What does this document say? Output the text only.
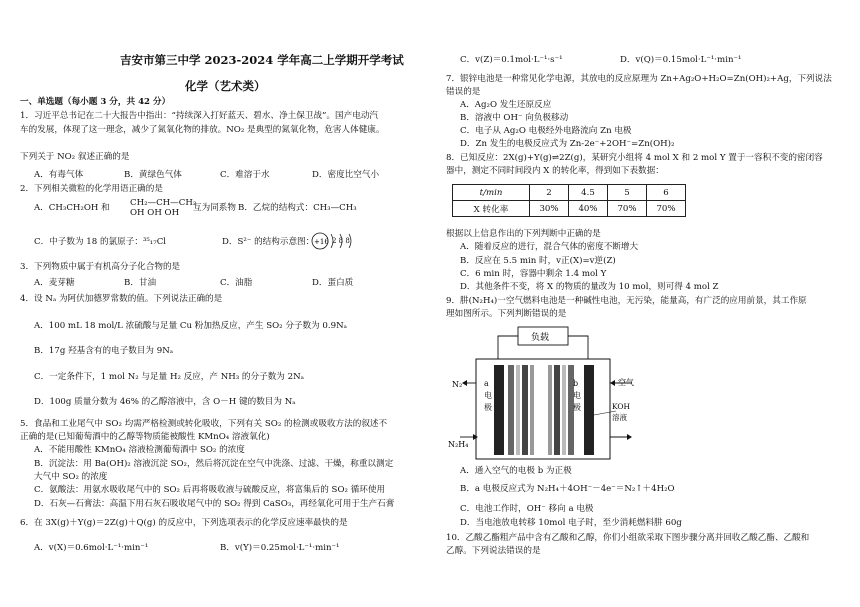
吉安市第三中学 2023-2024 学年高二上学期开学考试
化学（艺术类）
一、单选题（每小题 3 分，共 42 分）
1．习近平总书记在二十大报告中指出：“持续深入打好蓝天、碧水、净土保卫战”。国产电动汽
车的发展，体现了这一理念，减少了氮氧化物的排放。NO₂ 是典型的氮氧化物，危害人体健康。
下列关于 NO₂ 叙述正确的是
A．有毒气体	B．黄绿色气体	C．难溶于水	D．密度比空气小
2．下列相关微粒的化学用语正确的是
A．CH₃CH₂OH 和 CH₂—CH—CH₂
OH OH OH	互为同系物 B．乙烷的结构式：CH₃—CH₃
C．中子数为 18 的氯原子：³⁵₁₇Cl	D．S²⁻ 的结构示意图： +16 2 8 8
3．下列物质中属于有机高分子化合物的是
A．麦芽糖	B．甘油	C．油脂	D．蛋白质
4．设 Nₐ 为阿伏加德罗常数的值。下列说法正确的是
A．100 mL 18 mol/L 浓硫酸与足量 Cu 粉加热反应，产生 SO₂ 分子数为 0.9Nₐ
B．17g 羟基含有的电子数目为 9Nₐ
C．一定条件下，1 mol N₂ 与足量 H₂ 反应，产 NH₃ 的分子数为 2Nₐ
D．100g 质量分数为 46% 的乙醇溶液中，含 O－H 键的数目为 Nₐ
5．食品和工业尾气中 SO₂ 均需严格检测或转化吸收，下列有关 SO₂ 的检测或吸收方法的叙述不
正确的是(已知葡萄酒中的乙醇等物质能被酸性 KMnO₄ 溶液氧化)
A．不能用酸性 KMnO₄ 溶液检测葡萄酒中 SO₂ 的浓度
B．沉淀法：用 Ba(OH)₂ 溶液沉淀 SO₂，然后将沉淀在空气中洗涤、过滤、干燥，称重以测定
大气中 SO₂ 的浓度
C．氨酸法：用氨水吸收尾气中的 SO₂ 后再将吸收液与硫酸反应，将富集后的 SO₂ 循环使用
D．石灰—石膏法：高温下用石灰石吸收尾气中的 SO₂ 得到 CaSO₃，再经氧化可用于生产石膏
6．在 3X(g)＋Y(g)＝2Z(g)＋Q(g) 的反应中，下列选项表示的化学反应速率最快的是
A．v(X)＝0.6mol·L⁻¹·min⁻¹	B．v(Y)＝0.25mol·L⁻¹·min⁻¹
C．v(Z)＝0.1mol·L⁻¹·s⁻¹	D．v(Q)＝0.15mol·L⁻¹·min⁻¹
7．银锌电池是一种常见化学电源，其放电的反应原理为 Zn+Ag₂O+H₂O=Zn(OH)₂+Ag，下列说法
错误的是
A．Ag₂O 发生还原反应
B．溶液中 OH⁻ 向负极移动
C．电子从 Ag₂O 电极经外电路流向 Zn 电极
D．Zn 发生的电极反应式为 Zn-2e⁻+2OH⁻=Zn(OH)₂
8．已知反应：2X(g)+Y(g)⇌2Z(g)，某研究小组将 4 mol X 和 2 mol Y 置于一容积不变的密闭容
器中，测定不同时间段内 X 的转化率，得到如下表数据：
t/min	2	4.5	5	6
X 转化率	30%	40%	70%	70%
根据以上信息作出的下列判断中正确的是
A．随着反应的进行，混合气体的密度不断增大
B．反应在 5.5 min 时，v正(X)=v逆(Z)
C．6 min 时，容器中剩余 1.4 mol Y
D．其他条件不变，将 X 的物质的量改为 10 mol，则可得 4 mol Z
9．肼(N₂H₄)一空气燃料电池是一种碱性电池，无污染，能量高，有广泛的应用前景，其工作原
理如图所示。下列判断错误的是
负载
N₂
N₂H₄
空气
KOH
溶液
a 电 极
b 电 极
A．通入空气的电极 b 为正极
B．a 电极反应式为 N₂H₄＋4OH⁻－4e⁻＝N₂↑＋4H₂O
C．电池工作时，OH⁻ 移向 a 电极
D．当电池放电转移 10mol 电子时，至少消耗燃料肼 60g
10．乙酸乙酯粗产品中含有乙酸和乙醇，你们小组欲采取下图步骤分离并回收乙酸乙酯、乙酸和
乙醇。下列说法错误的是
